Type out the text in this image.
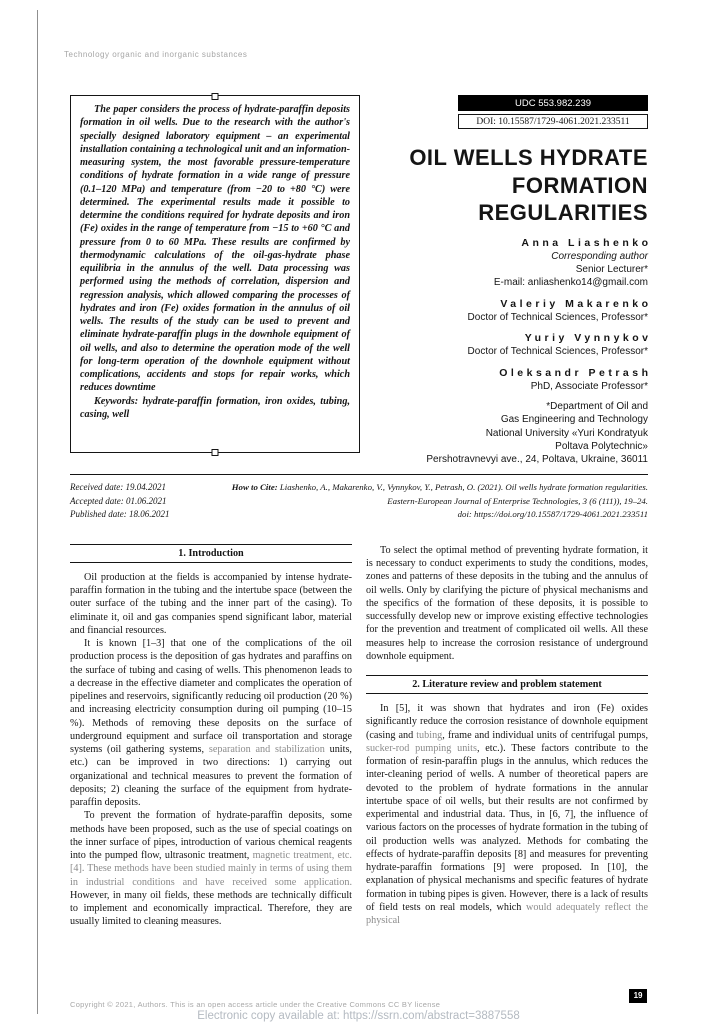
Technology organic and inorganic substances

The paper considers the process of hydrate-paraffin deposits formation in oil wells. Due to the research with the author's specially designed laboratory equipment – an experimental installation containing a technological unit and an information-measuring system, the most favorable pressure-temperature conditions of hydrate formation in a wide range of pressure (0.1–120 MPa) and temperature (from −20 to +80 °C) were determined. The experimental results made it possible to determine the conditions required for hydrate deposits and iron (Fe) oxides in the range of temperature from −15 to +60 °C and pressure from 0 to 60 MPa. These results are confirmed by thermodynamic calculations of the oil-gas-hydrate phase equilibria in the annulus of the well. Data processing was performed using the methods of correlation, dispersion and regression analysis, which allowed comparing the processes of hydrates and iron (Fe) oxides formation in the annulus of oil wells. The results of the study can be used to prevent and eliminate hydrate-paraffin plugs in the downhole equipment of oil wells, and also to determine the operation mode of the well for long-term operation of the downhole equipment without complications, accidents and stops for repair works, which reduces downtime

Keywords: hydrate-paraffin formation, iron oxides, tubing, casing, well

UDC 553.982.239
DOI: 10.15587/1729-4061.2021.233511
OIL WELLS HYDRATE
FORMATION
REGULARITIES
Anna Liashenko
Corresponding author
Senior Lecturer*
E-mail: anliashenko14@gmail.com
Valeriy Makarenko
Doctor of Technical Sciences, Professor*
Yuriy Vynnykov
Doctor of Technical Sciences, Professor*
Oleksandr Petrash
PhD, Associate Professor*
*Department of Oil and
Gas Engineering and Technology
National University «Yuri Kondratyuk
Poltava Polytechnic»
Pershotravnevyi ave., 24, Poltava, Ukraine, 36011
Received date: 19.04.2021
Accepted date: 01.06.2021
Published date: 18.06.2021
How to Cite: Liashenko, A., Makarenko, V., Vynnykov, Y., Petrash, O. (2021). Oil wells hydrate formation regularities.
Eastern-European Journal of Enterprise Technologies, 3 (6 (111)), 19–24.
doi: https://doi.org/10.15587/1729-4061.2021.233511
1. Introduction

Oil production at the fields is accompanied by intense hydrate-paraffin formation in the tubing and the intertube space (between the outer surface of the tubing and the inner part of the casing). To eliminate it, oil and gas companies spend significant labor, material and financial resources.

It is known [1–3] that one of the complications of the oil production process is the deposition of gas hydrates and paraffins on the surface of tubing and casing of wells. This phenomenon leads to a decrease in the effective diameter and complicates the operation of pipelines and reservoirs, significantly reducing oil production (20 %) and increasing electricity consumption during oil pumping (10–15 %). Methods of removing these deposits on the surface of underground equipment and surface oil transportation and storage systems (oil gathering systems, separation and stabilization units, etc.) can be improved in two directions: 1) carrying out organizational and technical measures to prevent the formation of deposits; 2) cleaning the surface of the equipment from hydrate-paraffin deposits.

To prevent the formation of hydrate-paraffin deposits, some methods have been proposed, such as the use of special coatings on the inner surface of pipes, introduction of various chemical reagents into the pumped flow, ultrasonic treatment, magnetic treatment, etc. [4]. These methods have been studied mainly in terms of using them in industrial conditions and have received some application. However, in many oil fields, these methods are technically difficult to implement and economically impractical. Therefore, they are usually limited to cleaning measures.

To select the optimal method of preventing hydrate formation, it is necessary to conduct experiments to study the conditions, modes, zones and patterns of these deposits in the tubing and the annulus of oil wells. Only by clarifying the picture of physical mechanisms and the specifics of the formation of these deposits, it is possible to successfully develop new or improve existing effective technologies for the prevention and treatment of complicated oil wells. All these measures help to increase the corrosion resistance of underground downhole equipment.

2. Literature review and problem statement

In [5], it was shown that hydrates and iron (Fe) oxides significantly reduce the corrosion resistance of downhole equipment (casing and tubing, frame and individual units of centrifugal pumps, sucker-rod pumping units, etc.). These factors contribute to the formation of resin-paraffin plugs in the annulus, which reduces the inter-cleaning period of wells. A number of theoretical papers are devoted to the problem of hydrate formations in the annular intertube space of oil wells, but their results are not confirmed by experimental and industrial data. Thus, in [6, 7], the influence of various factors on the processes of hydrate formation in the tubing of oil production wells was analyzed. Methods for combating the effects of hydrate-paraffin deposits [8] and measures for preventing hydrate-paraffin formations [9] were proposed. In [10], the explanation of physical mechanisms and specific features of hydrate formation in tubing pipes is given. However, there is a lack of results of field tests on real models, which would adequately reflect the physical

19
Copyright © 2021, Authors. This is an open access article under the Creative Commons CC BY license
Electronic copy available at: https://ssrn.com/abstract=3887558
